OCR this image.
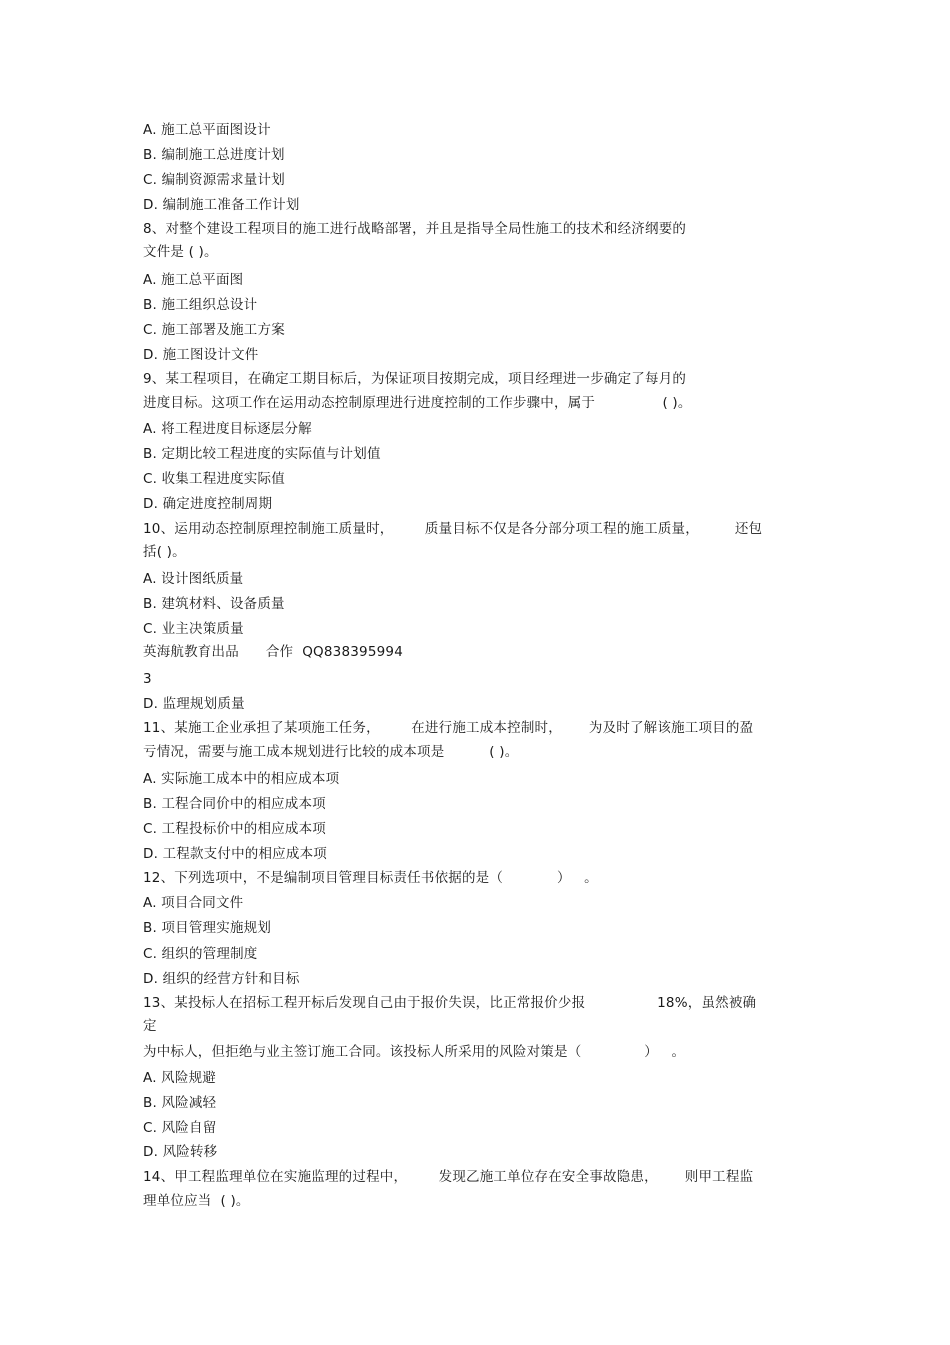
A. 施工总平面图设计

B. 编制施工总进度计划

C. 编制资源需求量计划

D. 编制施工准备工作计划

8、对整个建设工程项目的施工进行战略部署，并且是指导全局性施工的技术和经济纲要的

文件是 ( )。

A. 施工总平面图

B. 施工组织总设计

C. 施工部署及施工方案

D. 施工图设计文件

9、某工程项目，在确定工期目标后，为保证项目按期完成，项目经理进一步确定了每月的

进度目标。这项工作在运用动态控制原理进行进度控制的工作步骤中，属于               ( )。

A. 将工程进度目标逐层分解

B. 定期比较工程进度的实际值与计划值

C. 收集工程进度实际值

D. 确定进度控制周期

10、运用动态控制原理控制施工质量时，       质量目标不仅是各分部分项工程的施工质量，        还包

括( )。

A. 设计图纸质量

B. 建筑材料、设备质量

C. 业主决策质量

英海航教育出品      合作  QQ838395994

3

D. 监理规划质量

11、某施工企业承担了某项施工任务，       在进行施工成本控制时，      为及时了解该施工项目的盈

亏情况，需要与施工成本规划进行比较的成本项是          ( )。

A. 实际施工成本中的相应成本项

B. 工程合同价中的相应成本项

C. 工程投标价中的相应成本项

D. 工程款支付中的相应成本项

12、下列选项中，不是编制项目管理目标责任书依据的是（            ）   。

A. 项目合同文件

B. 项目管理实施规划

C. 组织的管理制度

D. 组织的经营方针和目标

13、某投标人在招标工程开标后发现自己由于报价失误，比正常报价少报                18%，虽然被确

定

为中标人，但拒绝与业主签订施工合同。该投标人所采用的风险对策是（              ）   。

A. 风险规避

B. 风险减轻

C. 风险自留

D. 风险转移

14、甲工程监理单位在实施监理的过程中，       发现乙施工单位存在安全事故隐患，      则甲工程监

理单位应当  ( )。
